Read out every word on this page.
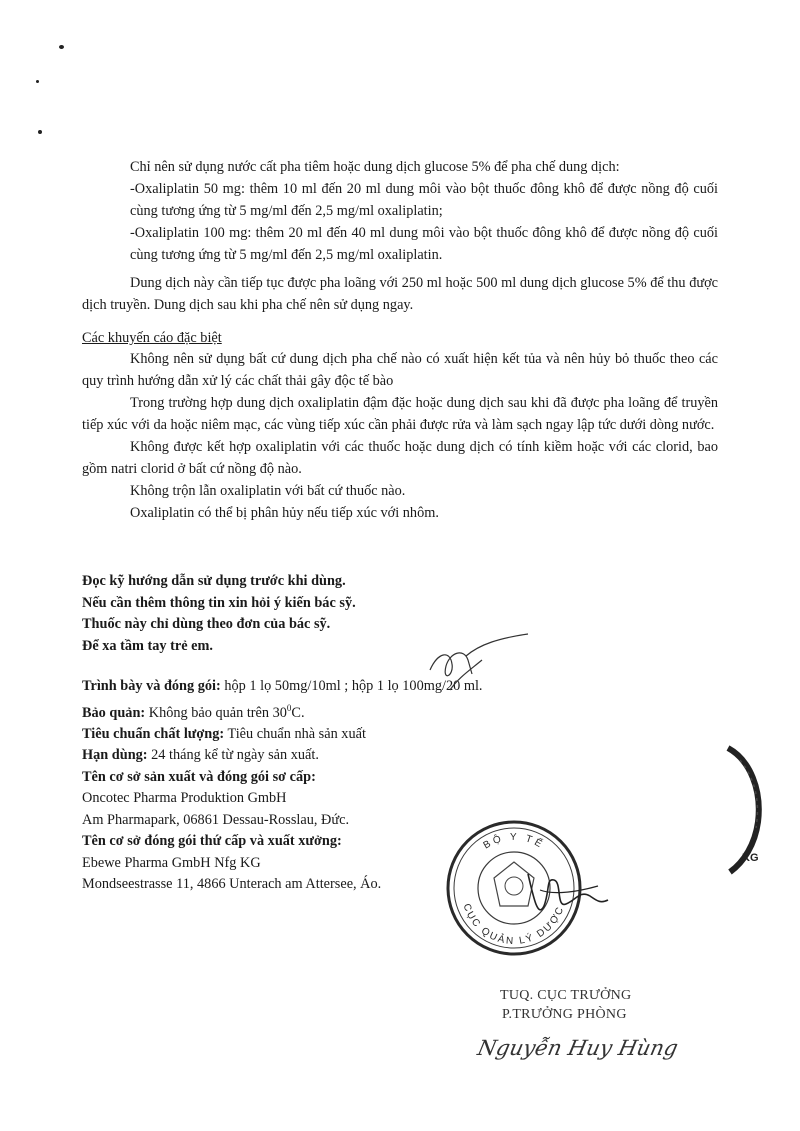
Chỉ nên sử dụng nước cất pha tiêm hoặc dung dịch glucose 5% để pha chế dung dịch:

-Oxaliplatin 50 mg: thêm 10 ml đến 20 ml dung môi vào bột thuốc đông khô để được nồng độ cuối cùng tương ứng từ 5 mg/ml đến 2,5 mg/ml oxaliplatin;

-Oxaliplatin 100 mg: thêm 20 ml đến 40 ml dung môi vào bột thuốc đông khô để được nồng độ cuối cùng tương ứng từ 5 mg/ml đến 2,5 mg/ml oxaliplatin.

Dung dịch này cần tiếp tục được pha loãng với 250 ml hoặc 500 ml dung dịch glucose 5% để thu được dịch truyền. Dung dịch sau khi pha chế nên sử dụng ngay.

Các khuyến cáo đặc biệt

Không nên sử dụng bất cứ dung dịch pha chế nào có xuất hiện kết tủa và nên hủy bỏ thuốc theo các quy trình hướng dẫn xử lý các chất thải gây độc tế bào

Trong trường hợp dung dịch oxaliplatin đậm đặc hoặc dung dịch sau khi đã được pha loãng để truyền tiếp xúc với da hoặc niêm mạc, các vùng tiếp xúc cần phải được rửa và làm sạch ngay lập tức dưới dòng nước.

Không được kết hợp oxaliplatin với các thuốc hoặc dung dịch có tính kiềm hoặc với các clorid, bao gồm natri clorid ở bất cứ nồng độ nào.

Không trộn lẫn oxaliplatin với bất cứ thuốc nào.

Oxaliplatin có thể bị phân hủy nếu tiếp xúc với nhôm.

Đọc kỹ hướng dẫn sử dụng trước khi dùng.
Nếu cần thêm thông tin xin hỏi ý kiến bác sỹ.
Thuốc này chỉ dùng theo đơn của bác sỹ.
Để xa tầm tay trẻ em.
Trình bày và đóng gói: hộp 1 lọ 50mg/10ml ; hộp 1 lọ 100mg/20 ml.
Bảo quản: Không bảo quản trên $30^0C$.
Tiêu chuẩn chất lượng: Tiêu chuẩn nhà sản xuất
Hạn dùng: 24 tháng kể từ ngày sản xuất.
Tên cơ sở sản xuất và đóng gói sơ cấp:
Oncotec Pharma Produktion GmbH
Am Pharmapark, 06861 Dessau-Rosslau, Đức.
Tên cơ sở đóng gói thứ cấp và xuất xưởng:
Ebewe Pharma GmbH Nfg KG
Mondseestrasse 11, 4866 Unterach am Attersee, Áo.
KG
BỘ Y TẾ
CỤC QUẢN LÝ DƯỢC
TUQ. CỤC TRƯỞNG
P.TRƯỞNG PHÒNG
Nguyễn Huy Hùng
